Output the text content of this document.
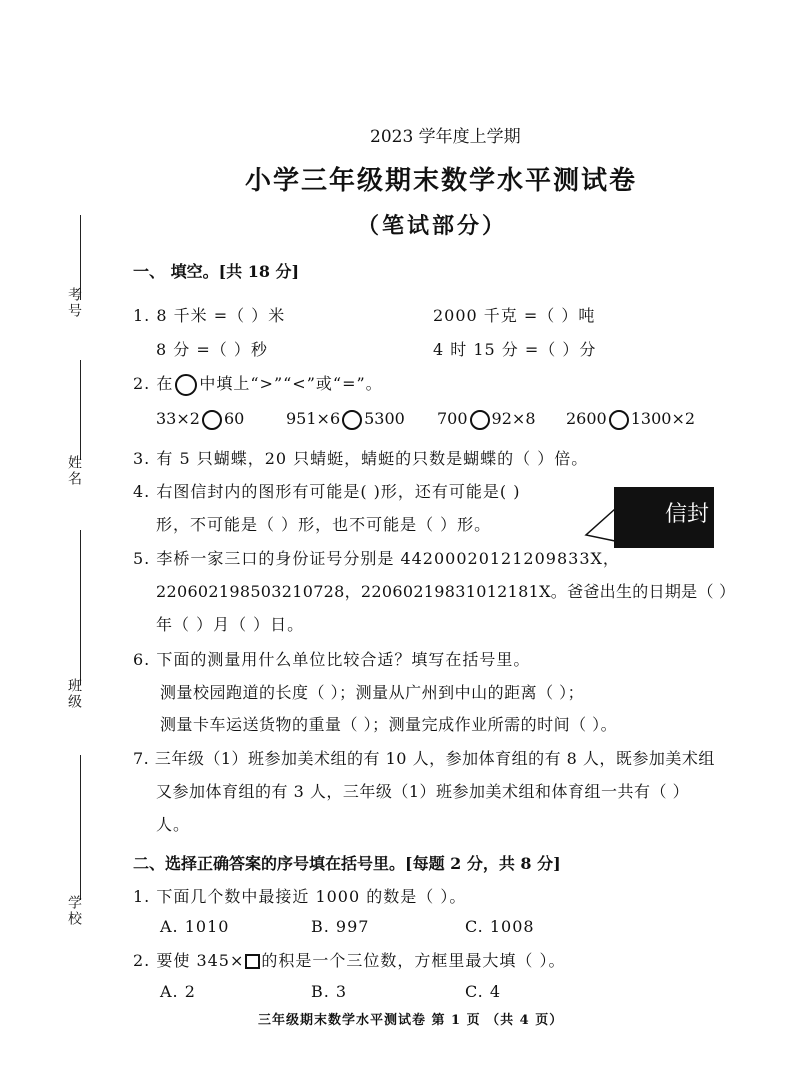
考号
姓名
班级
学校
2023 学年度上学期
小学三年级期末数学水平测试卷
（笔试部分）
一、 填空。[共 18 分]
1. 8 千米 =（ ）米	2000 千克 =（ ）吨
8 分 =（ ）秒	4 时 15 分 =（ ）分
2. 在 中填上“>”“<”或“=”。
33×2 60	951×6 5300 700 92×8 2600 1300×2
3. 有 5 只蝴蝶，20 只蜻蜓，蜻蜓的只数是蝴蝶的（ ）倍。
4. 右图信封内的图形有可能是( )形，还有可能是( )
形，不可能是（ ）形，也不可能是（ ）形。	信封
5. 李桥一家三口的身份证号分别是 44200020121209833X，
220602198503210728，22060219831012181X。爸爸出生的日期是（ ）
年（ ）月（ ）日。
6. 下面的测量用什么单位比较合适？填写在括号里。
测量校园跑道的长度（ ）；测量从广州到中山的距离（ ）；
测量卡车运送货物的重量（ ）；测量完成作业所需的时间（ ）。
7. 三年级（1）班参加美术组的有 10 人，参加体育组的有 8 人，既参加美术组
又参加体育组的有 3 人，三年级（1）班参加美术组和体育组一共有（ ）
人。
二、选择正确答案的序号填在括号里。[每题 2 分，共 8 分]
1. 下面几个数中最接近 1000 的数是（ ）。
A. 1010	B. 997	C. 1008
2. 要使 345× 的积是一个三位数，方框里最大填（ ）。
A. 2	B. 3	C. 4
三年级期末数学水平测试卷 第 1 页 （共 4 页）
